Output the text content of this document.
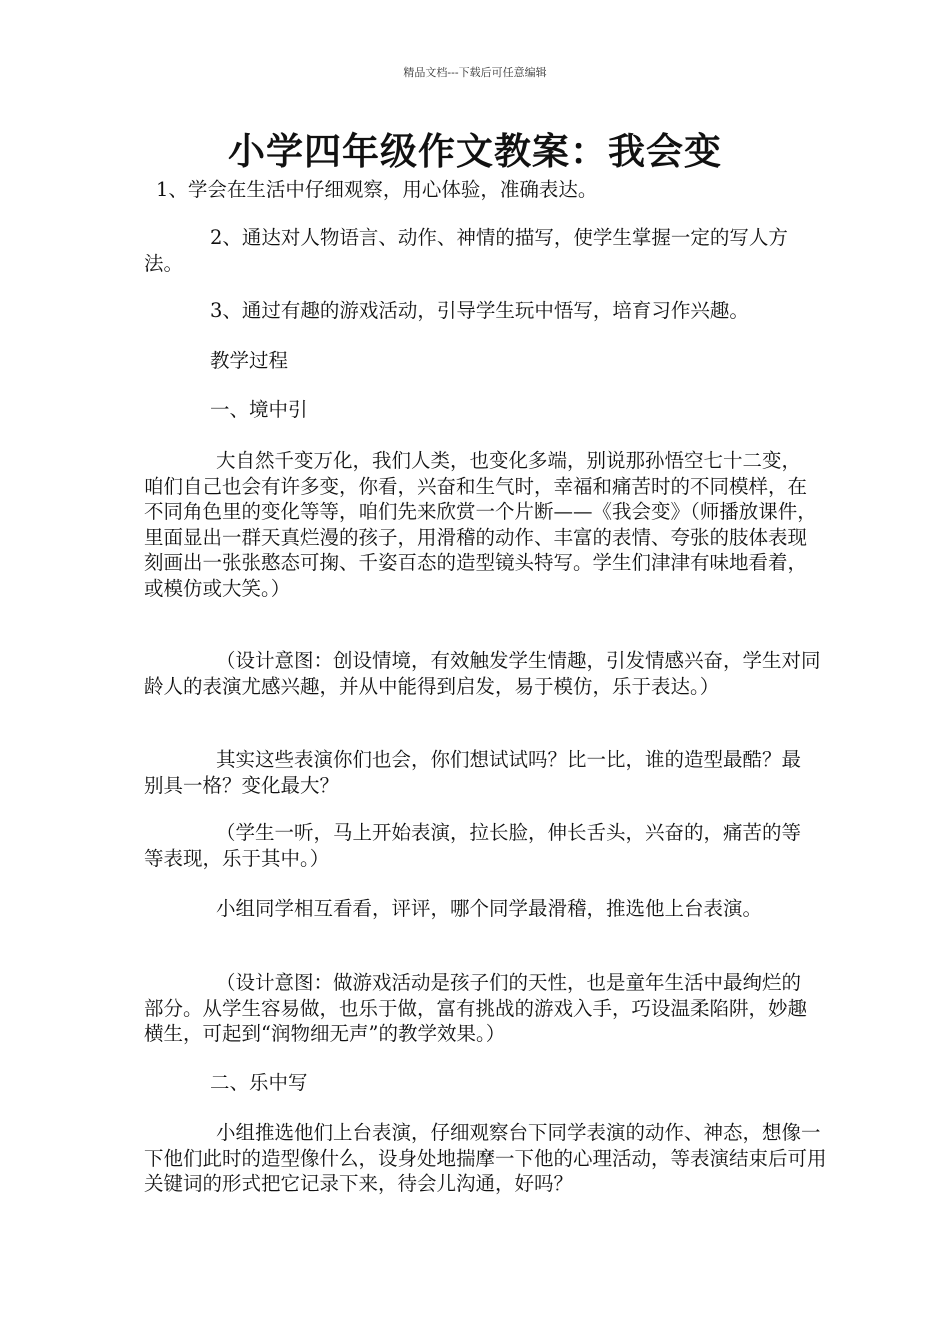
精品文档---下载后可任意编辑
小学四年级作文教案：我会变

1、学会在生活中仔细观察，用心体验，准确表达。

2、通达对人物语言、动作、神情的描写，使学生掌握一定的写人方法。

3、通过有趣的游戏活动，引导学生玩中悟写，培育习作兴趣。

教学过程

一、境中引

大自然千变万化，我们人类，也变化多端，别说那孙悟空七十二变，咱们自己也会有许多变，你看，兴奋和生气时，幸福和痛苦时的不同模样，在不同角色里的变化等等，咱们先来欣赏一个片断——《我会变》（师播放课件，里面显出一群天真烂漫的孩子，用滑稽的动作、丰富的表情、夸张的肢体表现刻画出一张张憨态可掬、千姿百态的造型镜头特写。学生们津津有味地看着，或模仿或大笑。）

（设计意图：创设情境，有效触发学生情趣，引发情感兴奋，学生对同龄人的表演尤感兴趣，并从中能得到启发，易于模仿，乐于表达。）

其实这些表演你们也会，你们想试试吗？比一比，谁的造型最酷？最别具一格？变化最大？

（学生一听，马上开始表演，拉长脸，伸长舌头，兴奋的，痛苦的等等表现，乐于其中。）

小组同学相互看看，评评，哪个同学最滑稽，推选他上台表演。

（设计意图：做游戏活动是孩子们的天性，也是童年生活中最绚烂的部分。从学生容易做，也乐于做，富有挑战的游戏入手，巧设温柔陷阱，妙趣横生，可起到“润物细无声”的教学效果。）

二、乐中写

小组推选他们上台表演，仔细观察台下同学表演的动作、神态，想像一下他们此时的造型像什么，设身处地揣摩一下他的心理活动，等表演结束后可用关键词的形式把它记录下来，待会儿沟通，好吗？
